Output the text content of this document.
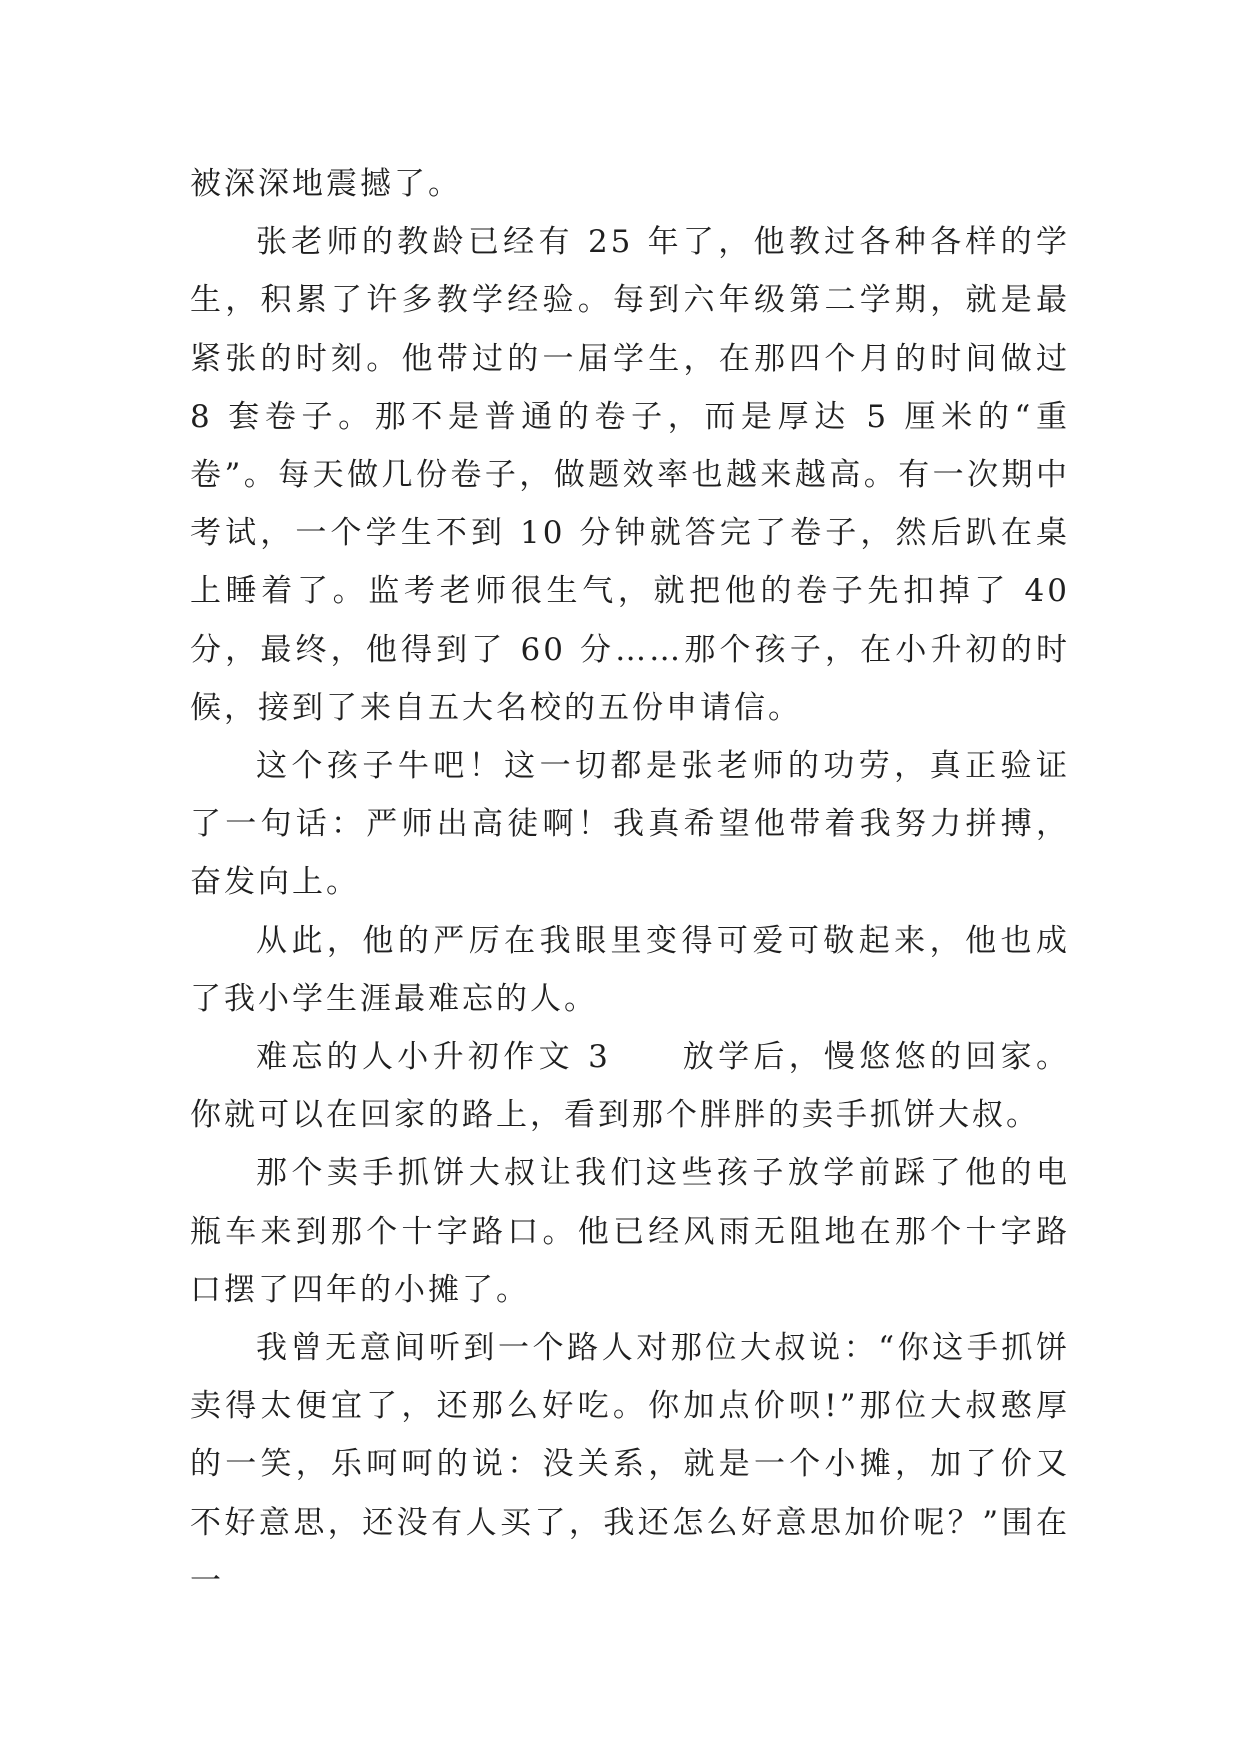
被深深地震撼了。

张老师的教龄已经有 25 年了，他教过各种各样的学生，积累了许多教学经验。每到六年级第二学期，就是最紧张的时刻。他带过的一届学生，在那四个月的时间做过 8 套卷子。那不是普通的卷子，而是厚达 5 厘米的“重卷”。每天做几份卷子，做题效率也越来越高。有一次期中考试，一个学生不到 10 分钟就答完了卷子，然后趴在桌上睡着了。监考老师很生气，就把他的卷子先扣掉了 40 分，最终，他得到了 60 分……那个孩子，在小升初的时候，接到了来自五大名校的五份申请信。

这个孩子牛吧！这一切都是张老师的功劳，真正验证了一句话：严师出高徒啊！我真希望他带着我努力拼搏，奋发向上。

从此，他的严厉在我眼里变得可爱可敬起来，他也成了我小学生涯最难忘的人。

难忘的人小升初作文 3　　放学后，慢悠悠的回家。你就可以在回家的路上，看到那个胖胖的卖手抓饼大叔。

那个卖手抓饼大叔让我们这些孩子放学前踩了他的电瓶车来到那个十字路口。他已经风雨无阻地在那个十字路口摆了四年的小摊了。

我曾无意间听到一个路人对那位大叔说：“你这手抓饼卖得太便宜了，还那么好吃。你加点价呗!”那位大叔憨厚的一笑，乐呵呵的说：没关系，就是一个小摊，加了价又不好意思，还没有人买了，我还怎么好意思加价呢？”围在一
